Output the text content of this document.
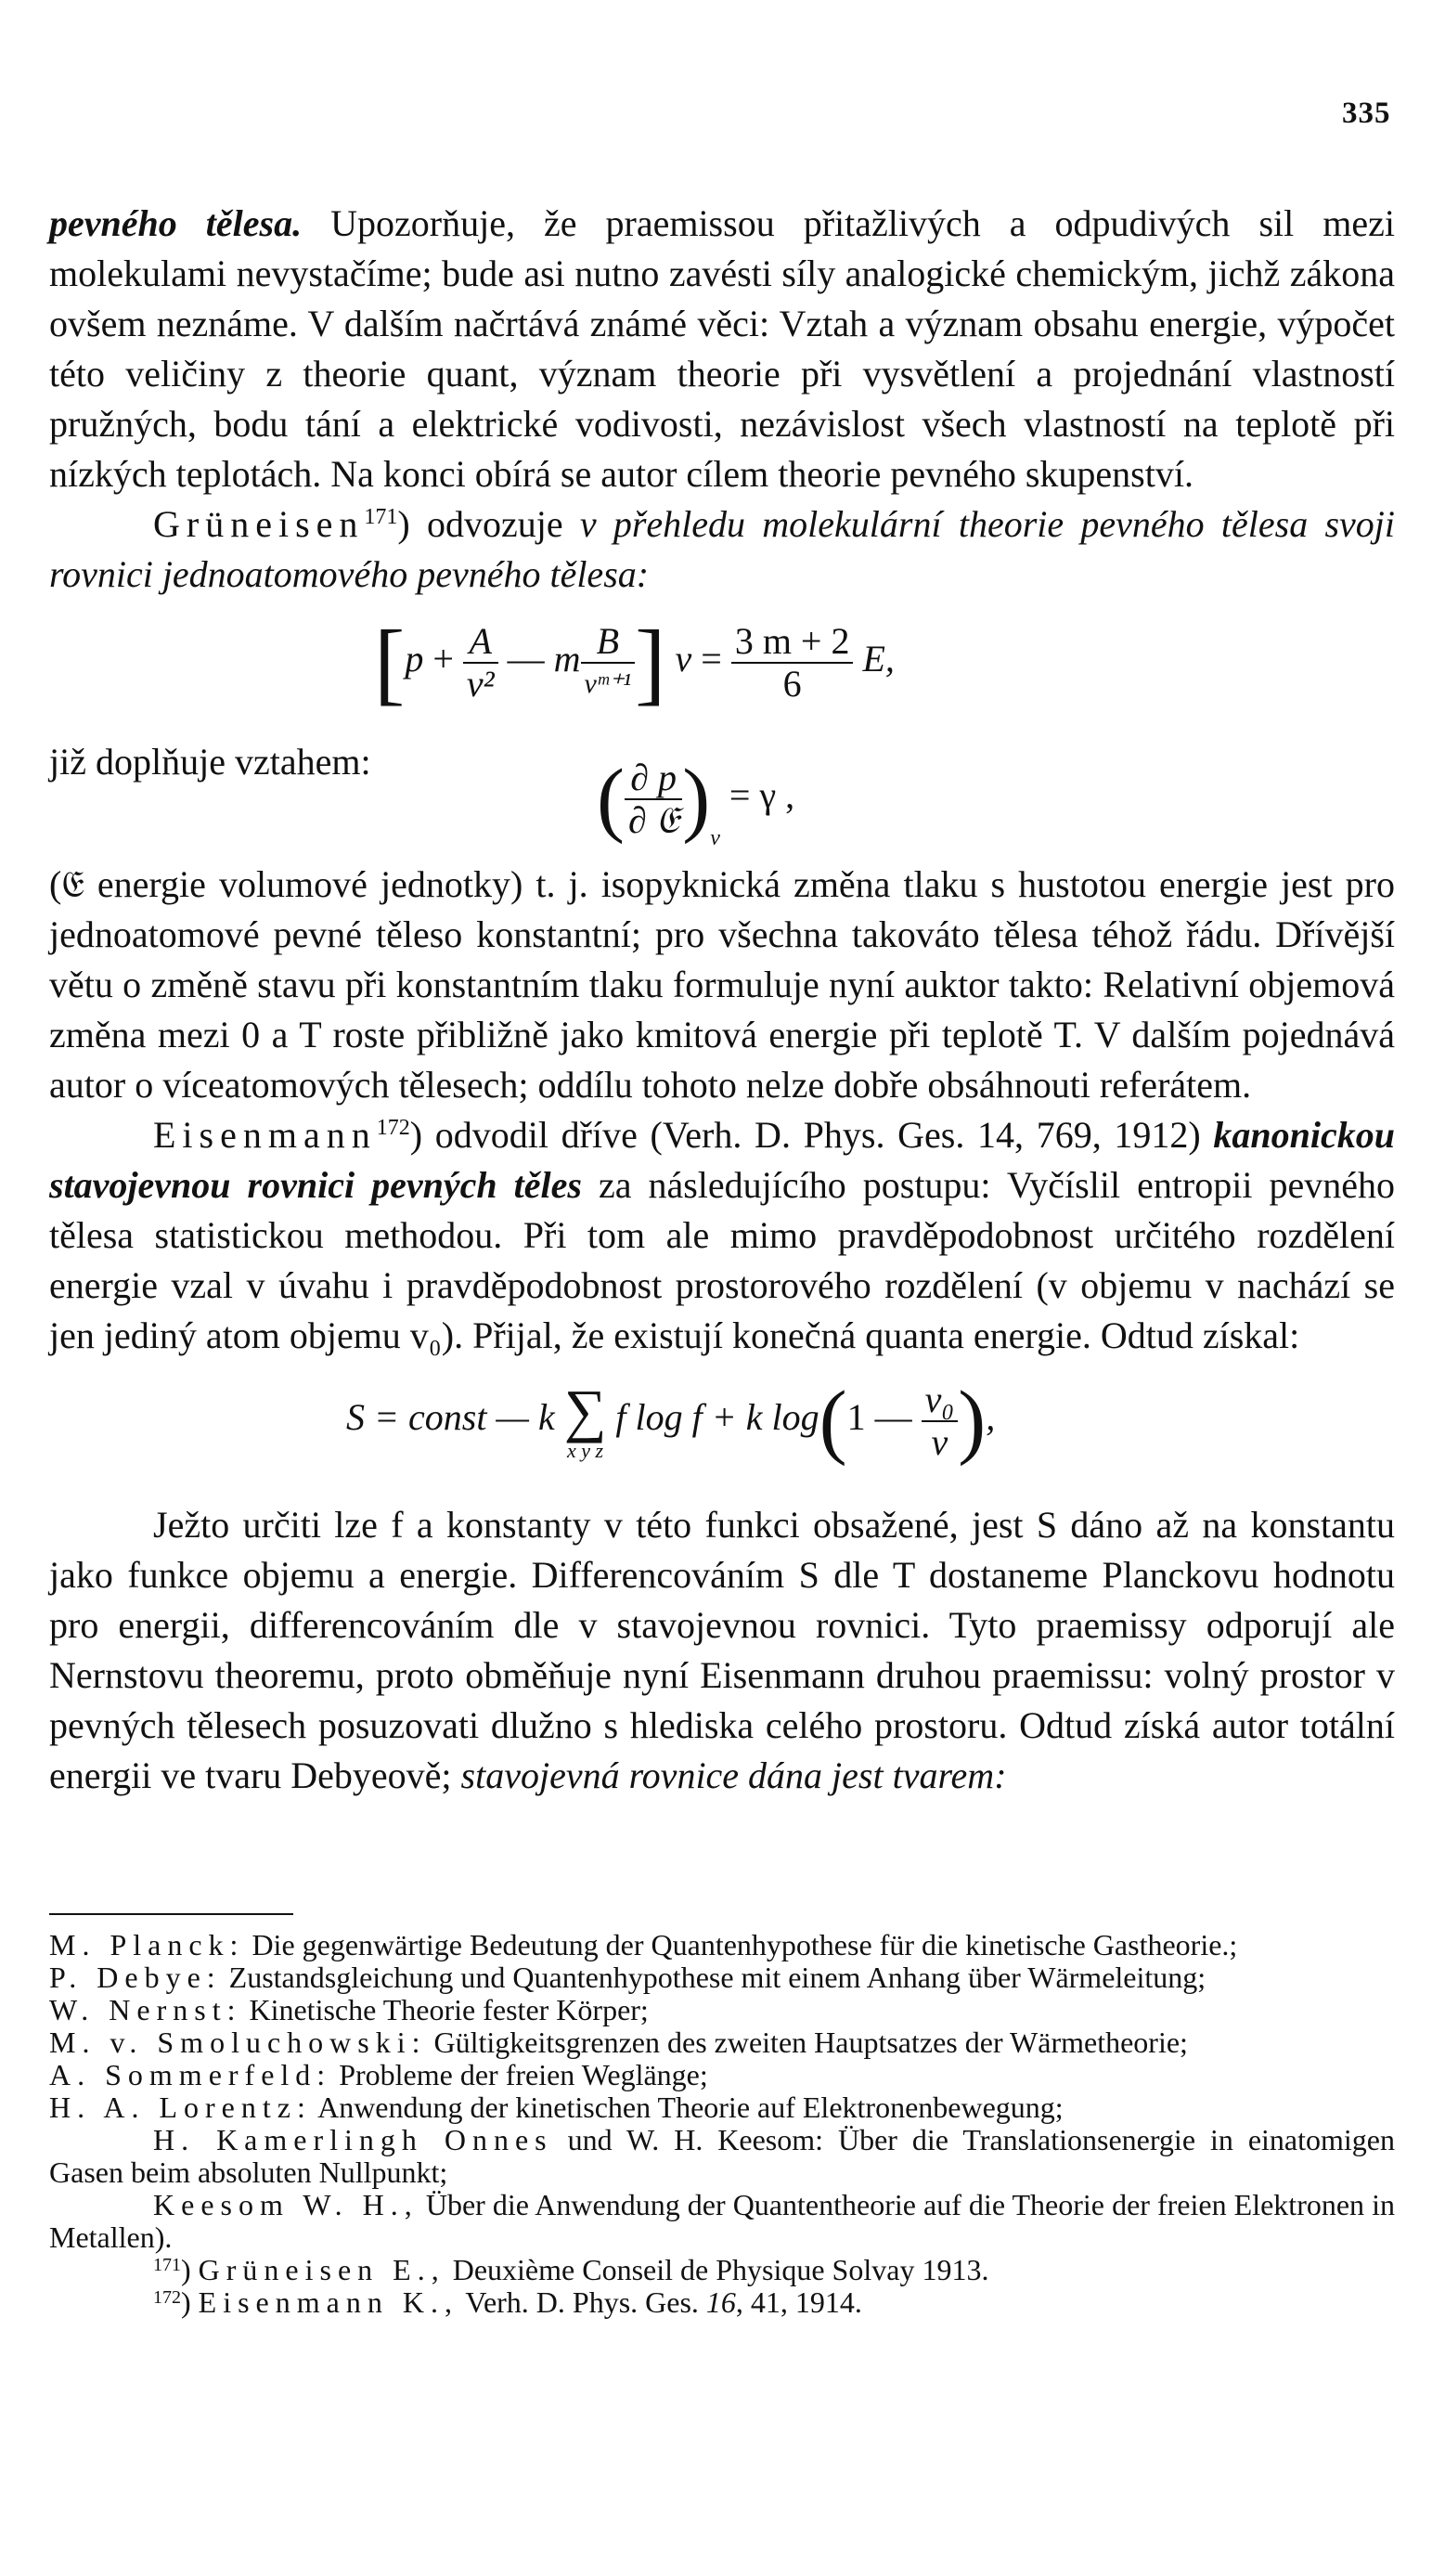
335

pevného tělesa. Upozorňuje, že praemissou přitažlivých a odpudivých sil mezi molekulami nevystačíme; bude asi nutno zavésti síly analogické chemickým, jichž zákona ovšem neznáme. V dalším načrtává známé věci: Vztah a význam obsahu energie, výpočet této veličiny z theorie quant, význam theorie při vysvětlení a projednání vlastností pružných, bodu tání a elektrické vodivosti, nezávislost všech vlastností na teplotě při nízkých teplotách. Na konci obírá se autor cílem theorie pevného skupenství.

Grüneisen$^{171}$) odvozuje v přehledu molekulární theorie pevného tělesa svoji rovnici jednoatomového pevného tělesa:

[$p + \frac{A}{\text{v²}}$ — m $\frac{B}{\text{vᵐ⁺¹}}$ ] $v = \frac{3 m + 2}{6} E$,
již doplňuje vztahem:	( $\frac{\partial p}{\text{∂ 𝔈}} )_v = \gamma$ ,

(𝔈 energie volumové jednotky) t. j. isopyknická změna tlaku s hustotou energie jest pro jednoatomové pevné těleso konstantní; pro všechna takováto tělesa téhož řádu. Dřívější větu o změně stavu při konstantním tlaku formuluje nyní auktor takto: Relativní objemová změna mezi 0 a T roste přibližně jako kmitová energie při teplotě T. V dalším pojednává autor o víceatomových tělesech; oddílu tohoto nelze dobře obsáhnouti referátem.

Eisenmann$^{172}$) odvodil dříve (Verh. D. Phys. Ges. 14, 769, 1912) kanonickou stavojevnou rovnici pevných těles za následujícího postupu: Vyčíslil entropii pevného tělesa statistickou methodou. Při tom ale mimo pravděpodobnost určitého rozdělení energie vzal v úvahu i pravděpodobnost prostorového rozdělení (v objemu v nachází se jen jediný atom objemu v₀). Přijal, že existují konečná quanta energie. Odtud získal:

S = const — k ∑
x y z
f log f + k log(1 — $\frac{\text{v₀}}{v}$ ),

Ježto určiti lze f a konstanty v této funkci obsažené, jest S dáno až na konstantu jako funkce objemu a energie. Differencováním S dle T dostaneme Planckovu hodnotu pro energii, differencováním dle v stavojevnou rovnici. Tyto praemissy odporují ale Nernstovu theoremu, proto obměňuje nyní Eisenmann druhou praemissu: volný prostor v pevných tělesech posuzovati dlužno s hlediska celého prostoru. Odtud získá autor totální energii ve tvaru Debyeově; stavojevná rovnice dána jest tvarem:

M. Planck: Die gegenwärtige Bedeutung der Quantenhypothese für die kinetische Gastheorie.;

P. Debye: Zustandsgleichung und Quantenhypothese mit einem Anhang über Wärmeleitung;

W. Nernst: Kinetische Theorie fester Körper;

M. v. Smoluchowski: Gültigkeitsgrenzen des zweiten Hauptsatzes der Wärmetheorie;

A. Sommerfeld: Probleme der freien Weglänge;

H. A. Lorentz: Anwendung der kinetischen Theorie auf Elektronenbewegung;

H. Kamerlingh Onnes und W. H. Keesom: Über die Translationsenergie in einatomigen Gasen beim absoluten Nullpunkt;

Keesom W. H., Über die Anwendung der Quantentheorie auf die Theorie der freien Elektronen in Metallen).

$^{171}$) Grüneisen E., Deuxième Conseil de Physique Solvay 1913.

$^{172}$) Eisenmann K., Verh. D. Phys. Ges. 16, 41, 1914.
